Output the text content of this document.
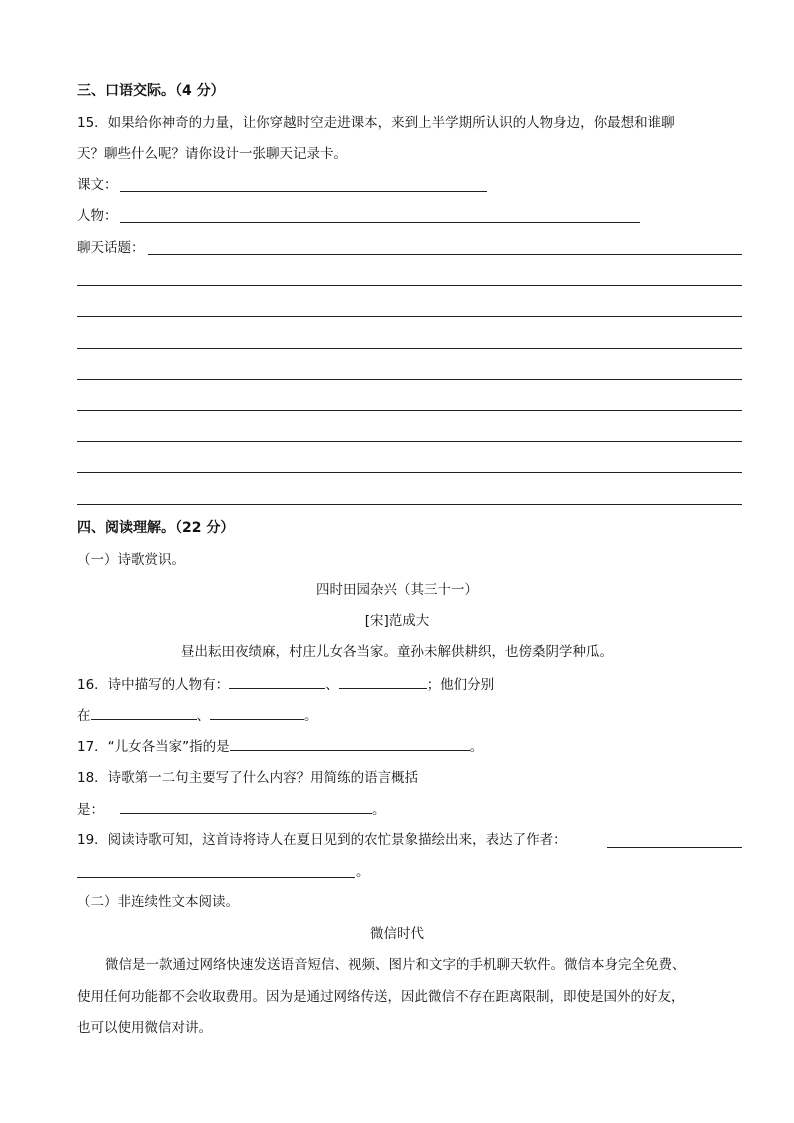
三、口语交际。（4 分）
15．如果给你神奇的力量，让你穿越时空走进课本，来到上半学期所认识的人物身边，你最想和谁聊
天？聊些什么呢？请你设计一张聊天记录卡。
课文：
人物：
聊天话题：
四、阅读理解。（22 分）
（一）诗歌赏识。
四时田园杂兴（其三十一）
[宋]范成大
昼出耘田夜绩麻，村庄儿女各当家。童孙未解供耕织，也傍桑阴学种瓜。
16．诗中描写的人物有：	、	；他们分别
在	、	。
17．“儿女各当家”指的是	。
18．诗歌第一二句主要写了什么内容？用简练的语言概括
是：	。
19．阅读诗歌可知，这首诗将诗人在夏日见到的农忙景象描绘出来，表达了作者：
。
（二）非连续性文本阅读。
微信时代
微信是一款通过网络快速发送语音短信、视频、图片和文字的手机聊天软件。微信本身完全免费、
使用任何功能都不会收取费用。因为是通过网络传送，因此微信不存在距离限制，即使是国外的好友，
也可以使用微信对讲。
